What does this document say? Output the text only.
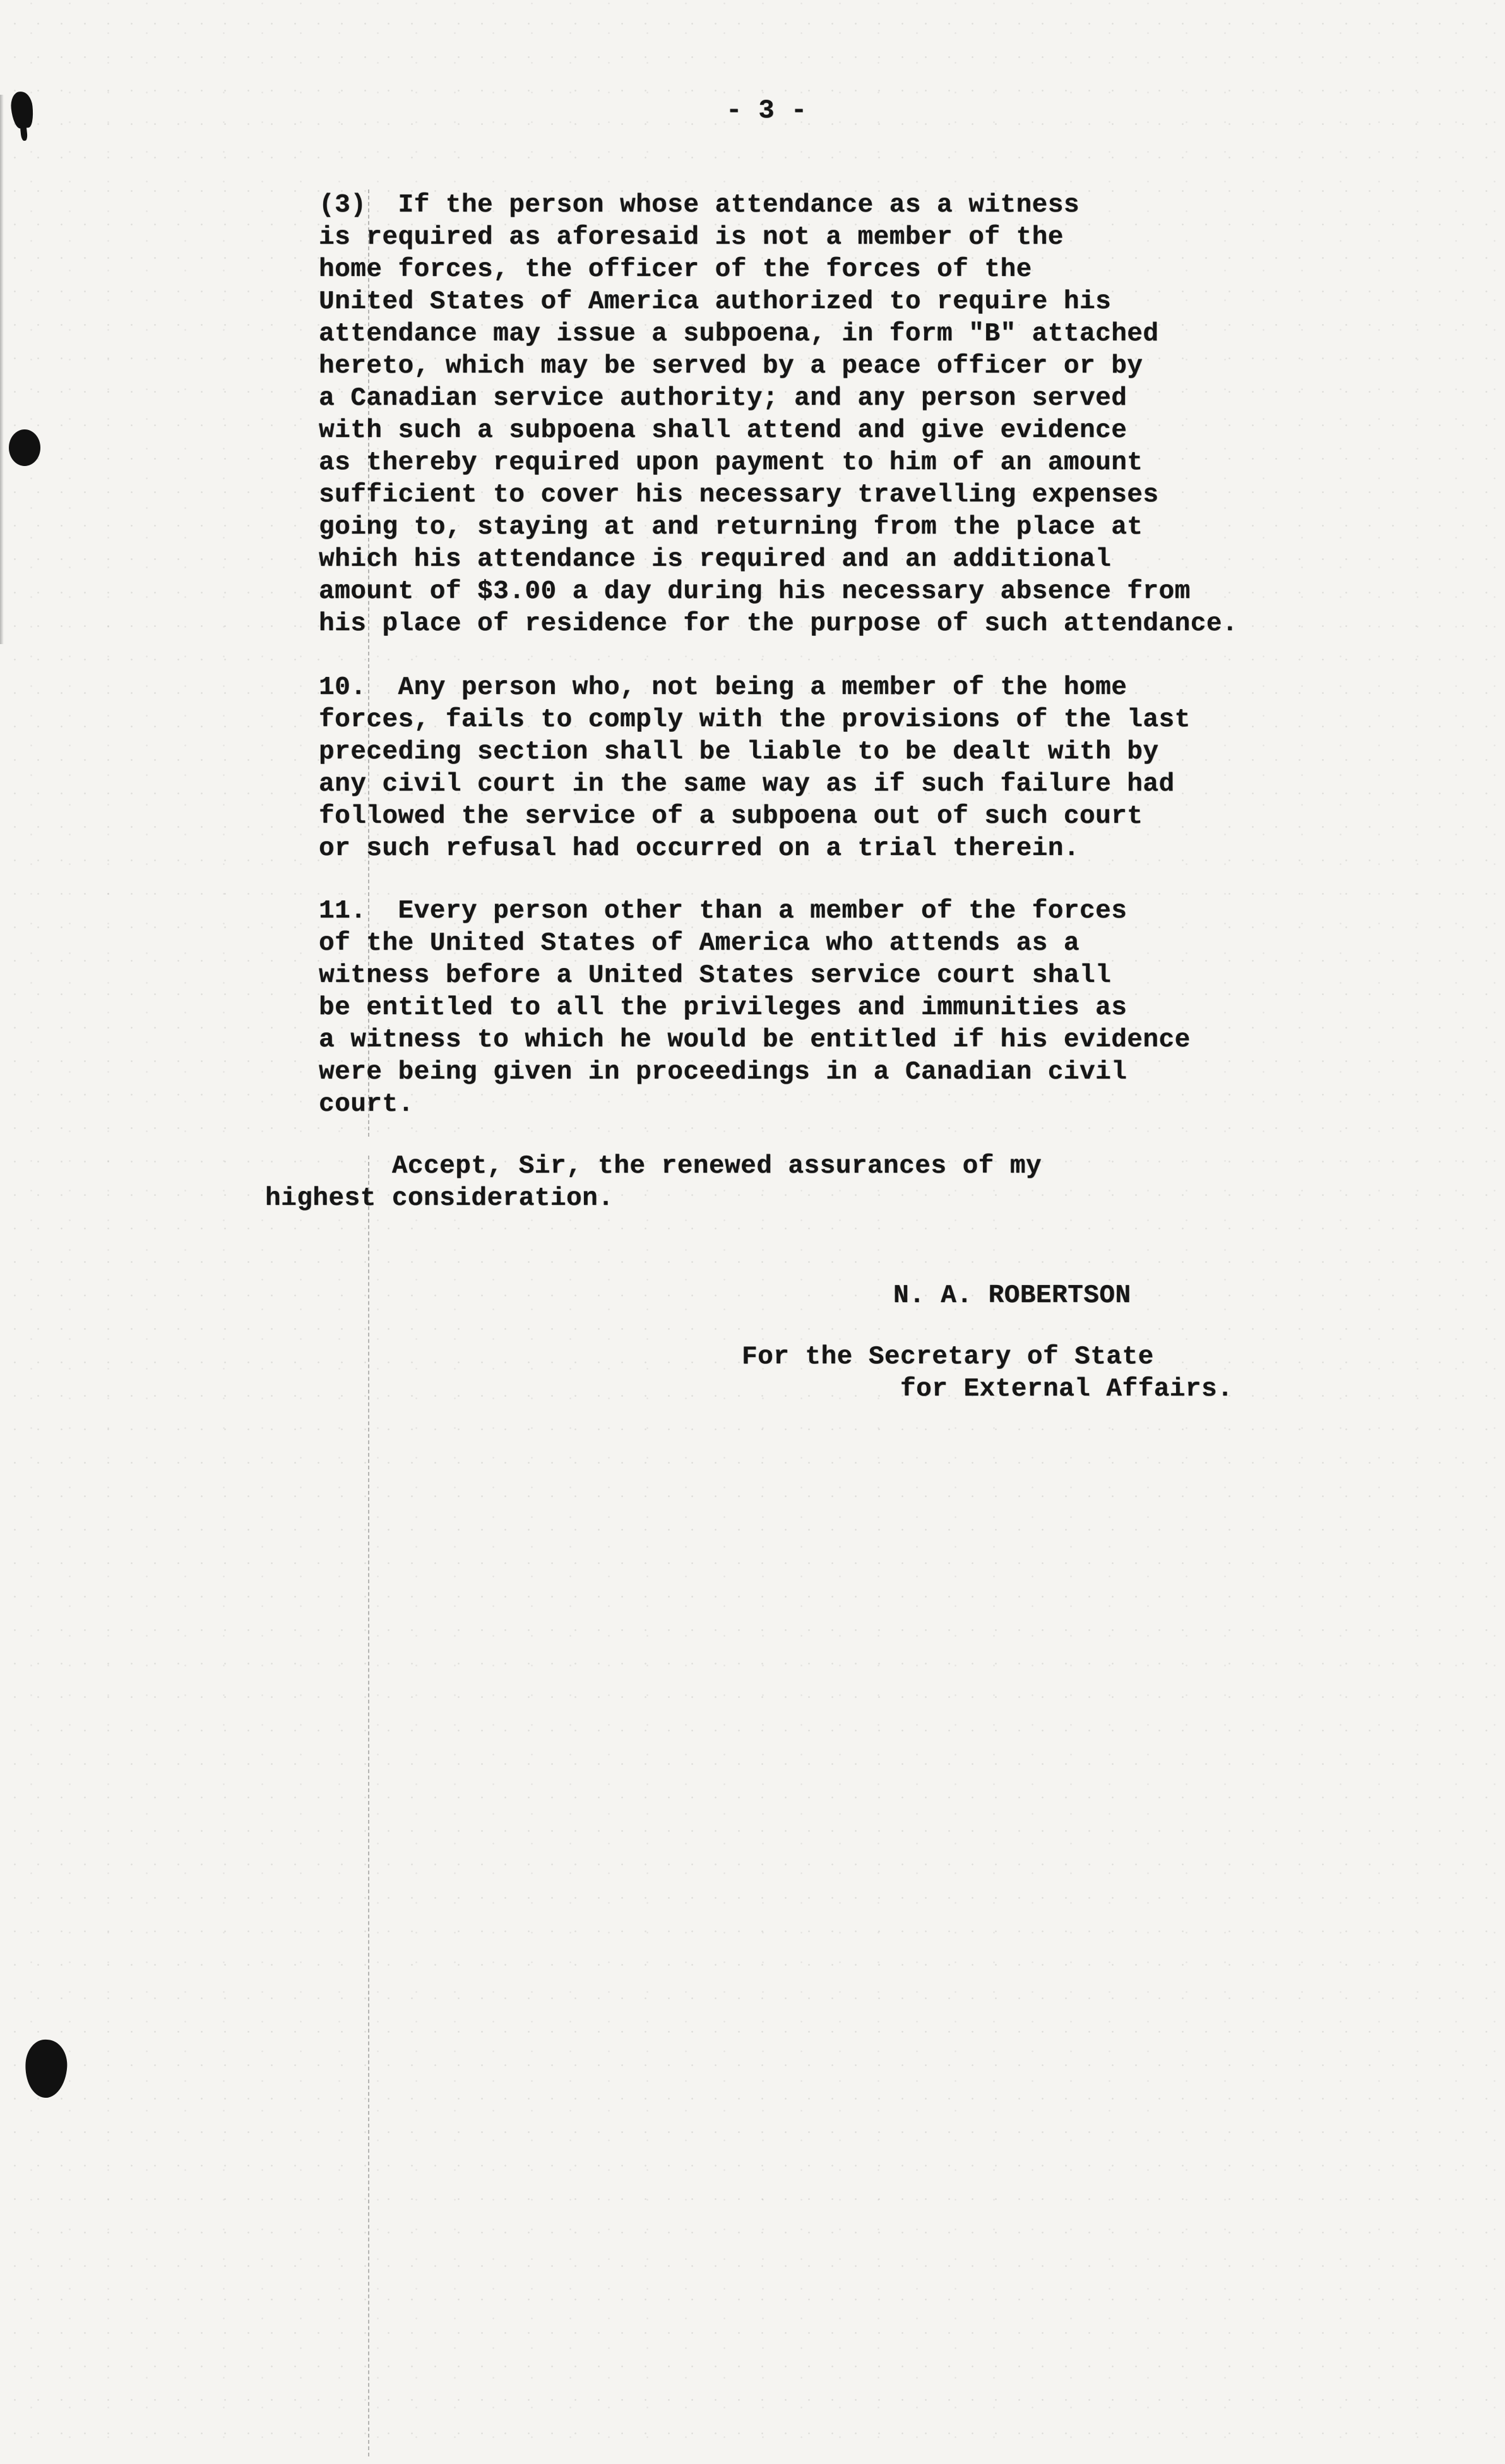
- 3 -

(3)  If the person whose attendance as a witness
is required as aforesaid is not a member of the
home forces, the officer of the forces of the
United States of America authorized to require his
attendance may issue a subpoena, in form "B" attached
hereto, which may be served by a peace officer or by
a Canadian service authority; and any person served
with such a subpoena shall attend and give evidence
as thereby required upon payment to him of an amount
sufficient to cover his necessary travelling expenses
going to, staying at and returning from the place at
which his attendance is required and an additional
amount of $3.00 a day during his necessary absence from
his place of residence for the purpose of such attendance.

10.  Any person who, not being a member of the home
forces, fails to comply with the provisions of the last
preceding section shall be liable to be dealt with by
any civil court in the same way as if such failure had
followed the service of a subpoena out of such court
or such refusal had occurred on a trial therein.

11.  Every person other than a member of the forces
of the United States of America who attends as a
witness before a United States service court shall
be entitled to all the privileges and immunities as
a witness to which he would be entitled if his evidence
were being given in proceedings in a Canadian civil
court.

Accept, Sir, the renewed assurances of my
highest consideration.

N. A. ROBERTSON

For the Secretary of State
for External Affairs.
